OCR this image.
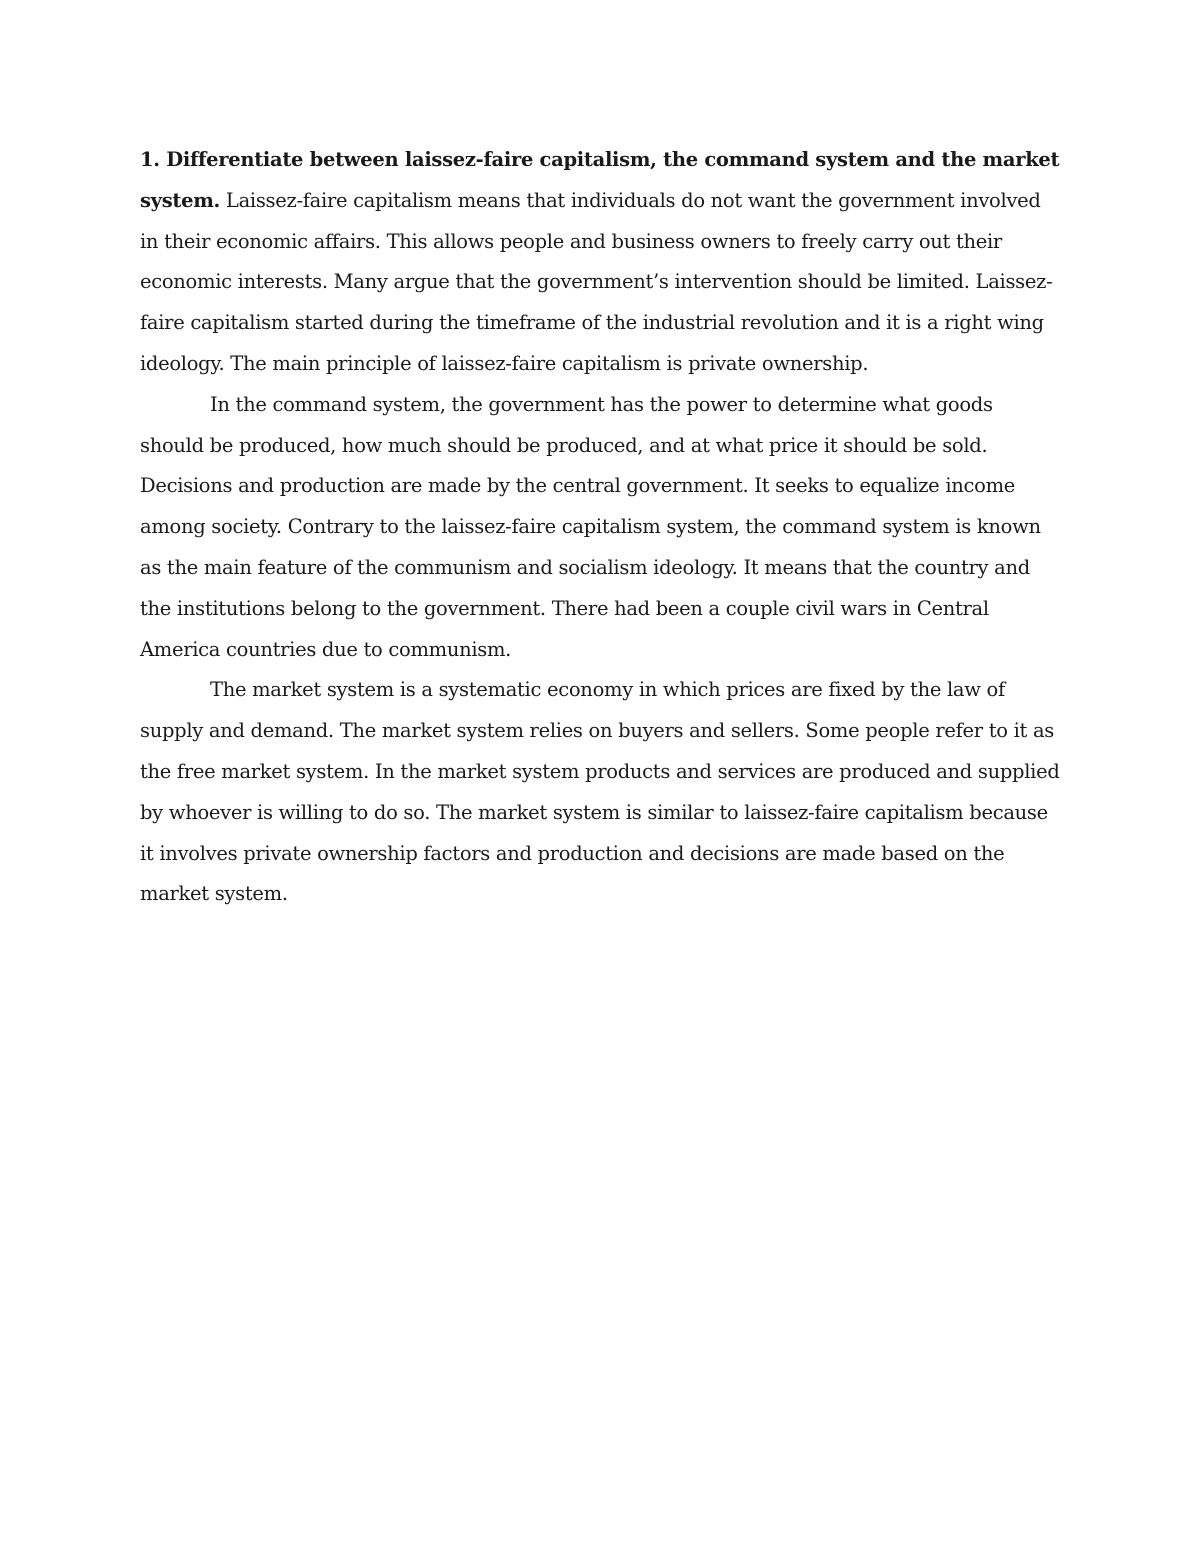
1. Differentiate between laissez-faire capitalism, the command system and the market system. Laissez-faire capitalism means that individuals do not want the government involved in their economic affairs. This allows people and business owners to freely carry out their economic interests. Many argue that the government’s intervention should be limited. Laissez-faire capitalism started during the timeframe of the industrial revolution and it is a right wing ideology. The main principle of laissez-faire capitalism is private ownership.

In the command system, the government has the power to determine what goods should be produced, how much should be produced, and at what price it should be sold. Decisions and production are made by the central government. It seeks to equalize income among society. Contrary to the laissez-faire capitalism system, the command system is known as the main feature of the communism and socialism ideology. It means that the country and the institutions belong to the government. There had been a couple civil wars in Central America countries due to communism.

The market system is a systematic economy in which prices are fixed by the law of supply and demand. The market system relies on buyers and sellers. Some people refer to it as the free market system. In the market system products and services are produced and supplied by whoever is willing to do so. The market system is similar to laissez-faire capitalism because it involves private ownership factors and production and decisions are made based on the market system.
